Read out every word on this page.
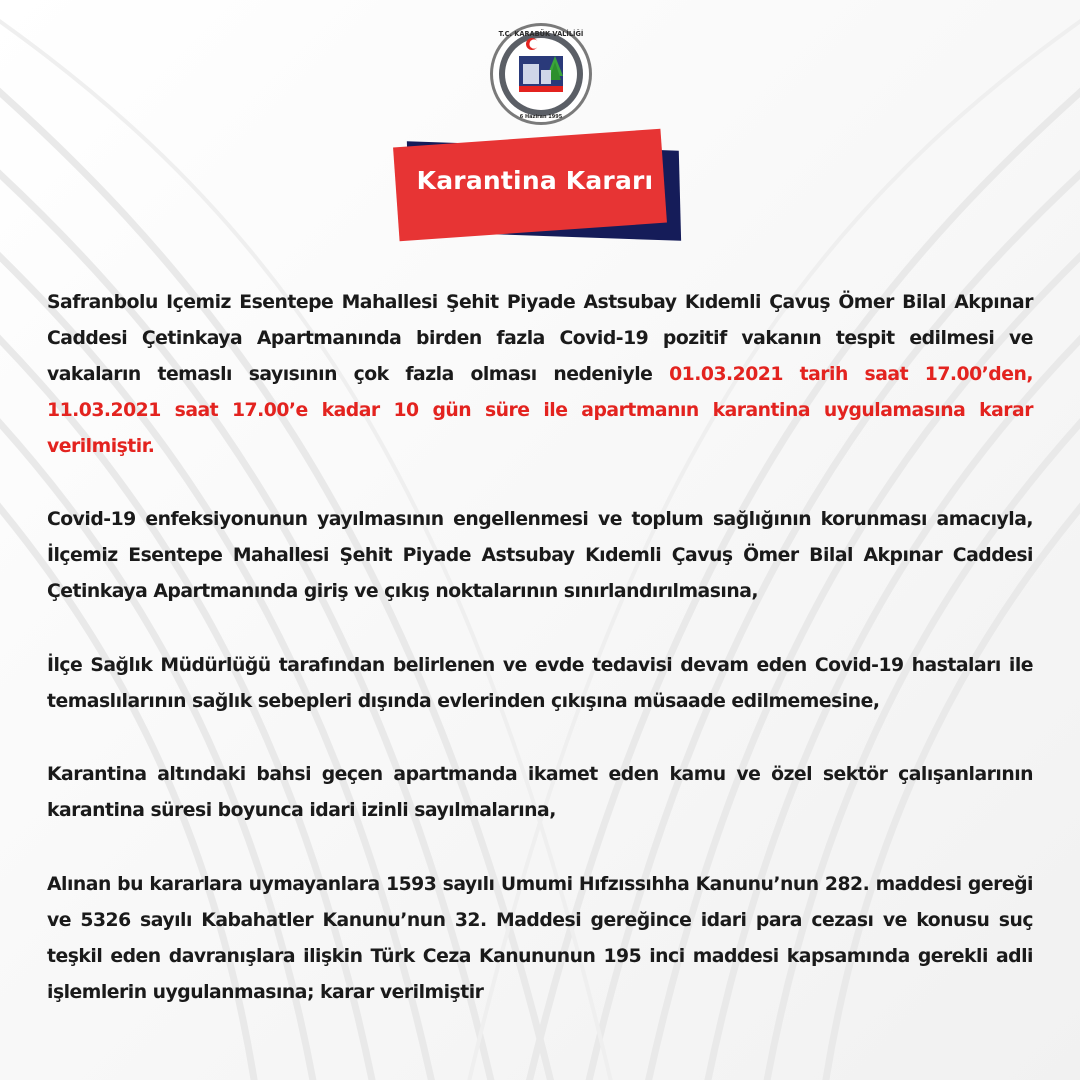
T.C. KARABÜK VALİLİĞİ
6 Haziran 1995
Karantina Kararı

Safranbolu Içemiz Esentepe Mahallesi Şehit Piyade Astsubay Kıdemli Çavuş Ömer Bilal Akpınar Caddesi Çetinkaya Apartmanında birden fazla Covid-19 pozitif vakanın tespit edilmesi ve vakaların temaslı sayısının çok fazla olması nedeniyle 01.03.2021 tarih saat 17.00’den, 11.03.2021 saat 17.00’e kadar 10 gün süre ile apartmanın karantina uygulamasına karar verilmiştir.

Covid-19 enfeksiyonunun yayılmasının engellenmesi ve toplum sağlığının korunması amacıyla, İlçemiz Esentepe Mahallesi Şehit Piyade Astsubay Kıdemli Çavuş Ömer Bilal Akpınar Caddesi Çetinkaya Apartmanında giriş ve çıkış noktalarının sınırlandırılmasına,

İlçe Sağlık Müdürlüğü tarafından belirlenen ve evde tedavisi devam eden Covid-19 hastaları ile temaslılarının sağlık sebepleri dışında evlerinden çıkışına müsaade edilmemesine,

Karantina altındaki bahsi geçen apartmanda ikamet eden kamu ve özel sektör çalışanlarının karantina süresi boyunca idari izinli sayılmalarına,

Alınan bu kararlara uymayanlara 1593 sayılı Umumi Hıfzıssıhha Kanunu’nun 282. maddesi gereği ve 5326 sayılı Kabahatler Kanunu’nun 32. Maddesi gereğince idari para cezası ve konusu suç teşkil eden davranışlara ilişkin Türk Ceza Kanununun 195 inci maddesi kapsamında gerekli adli işlemlerin uygulanmasına; karar verilmiştir
